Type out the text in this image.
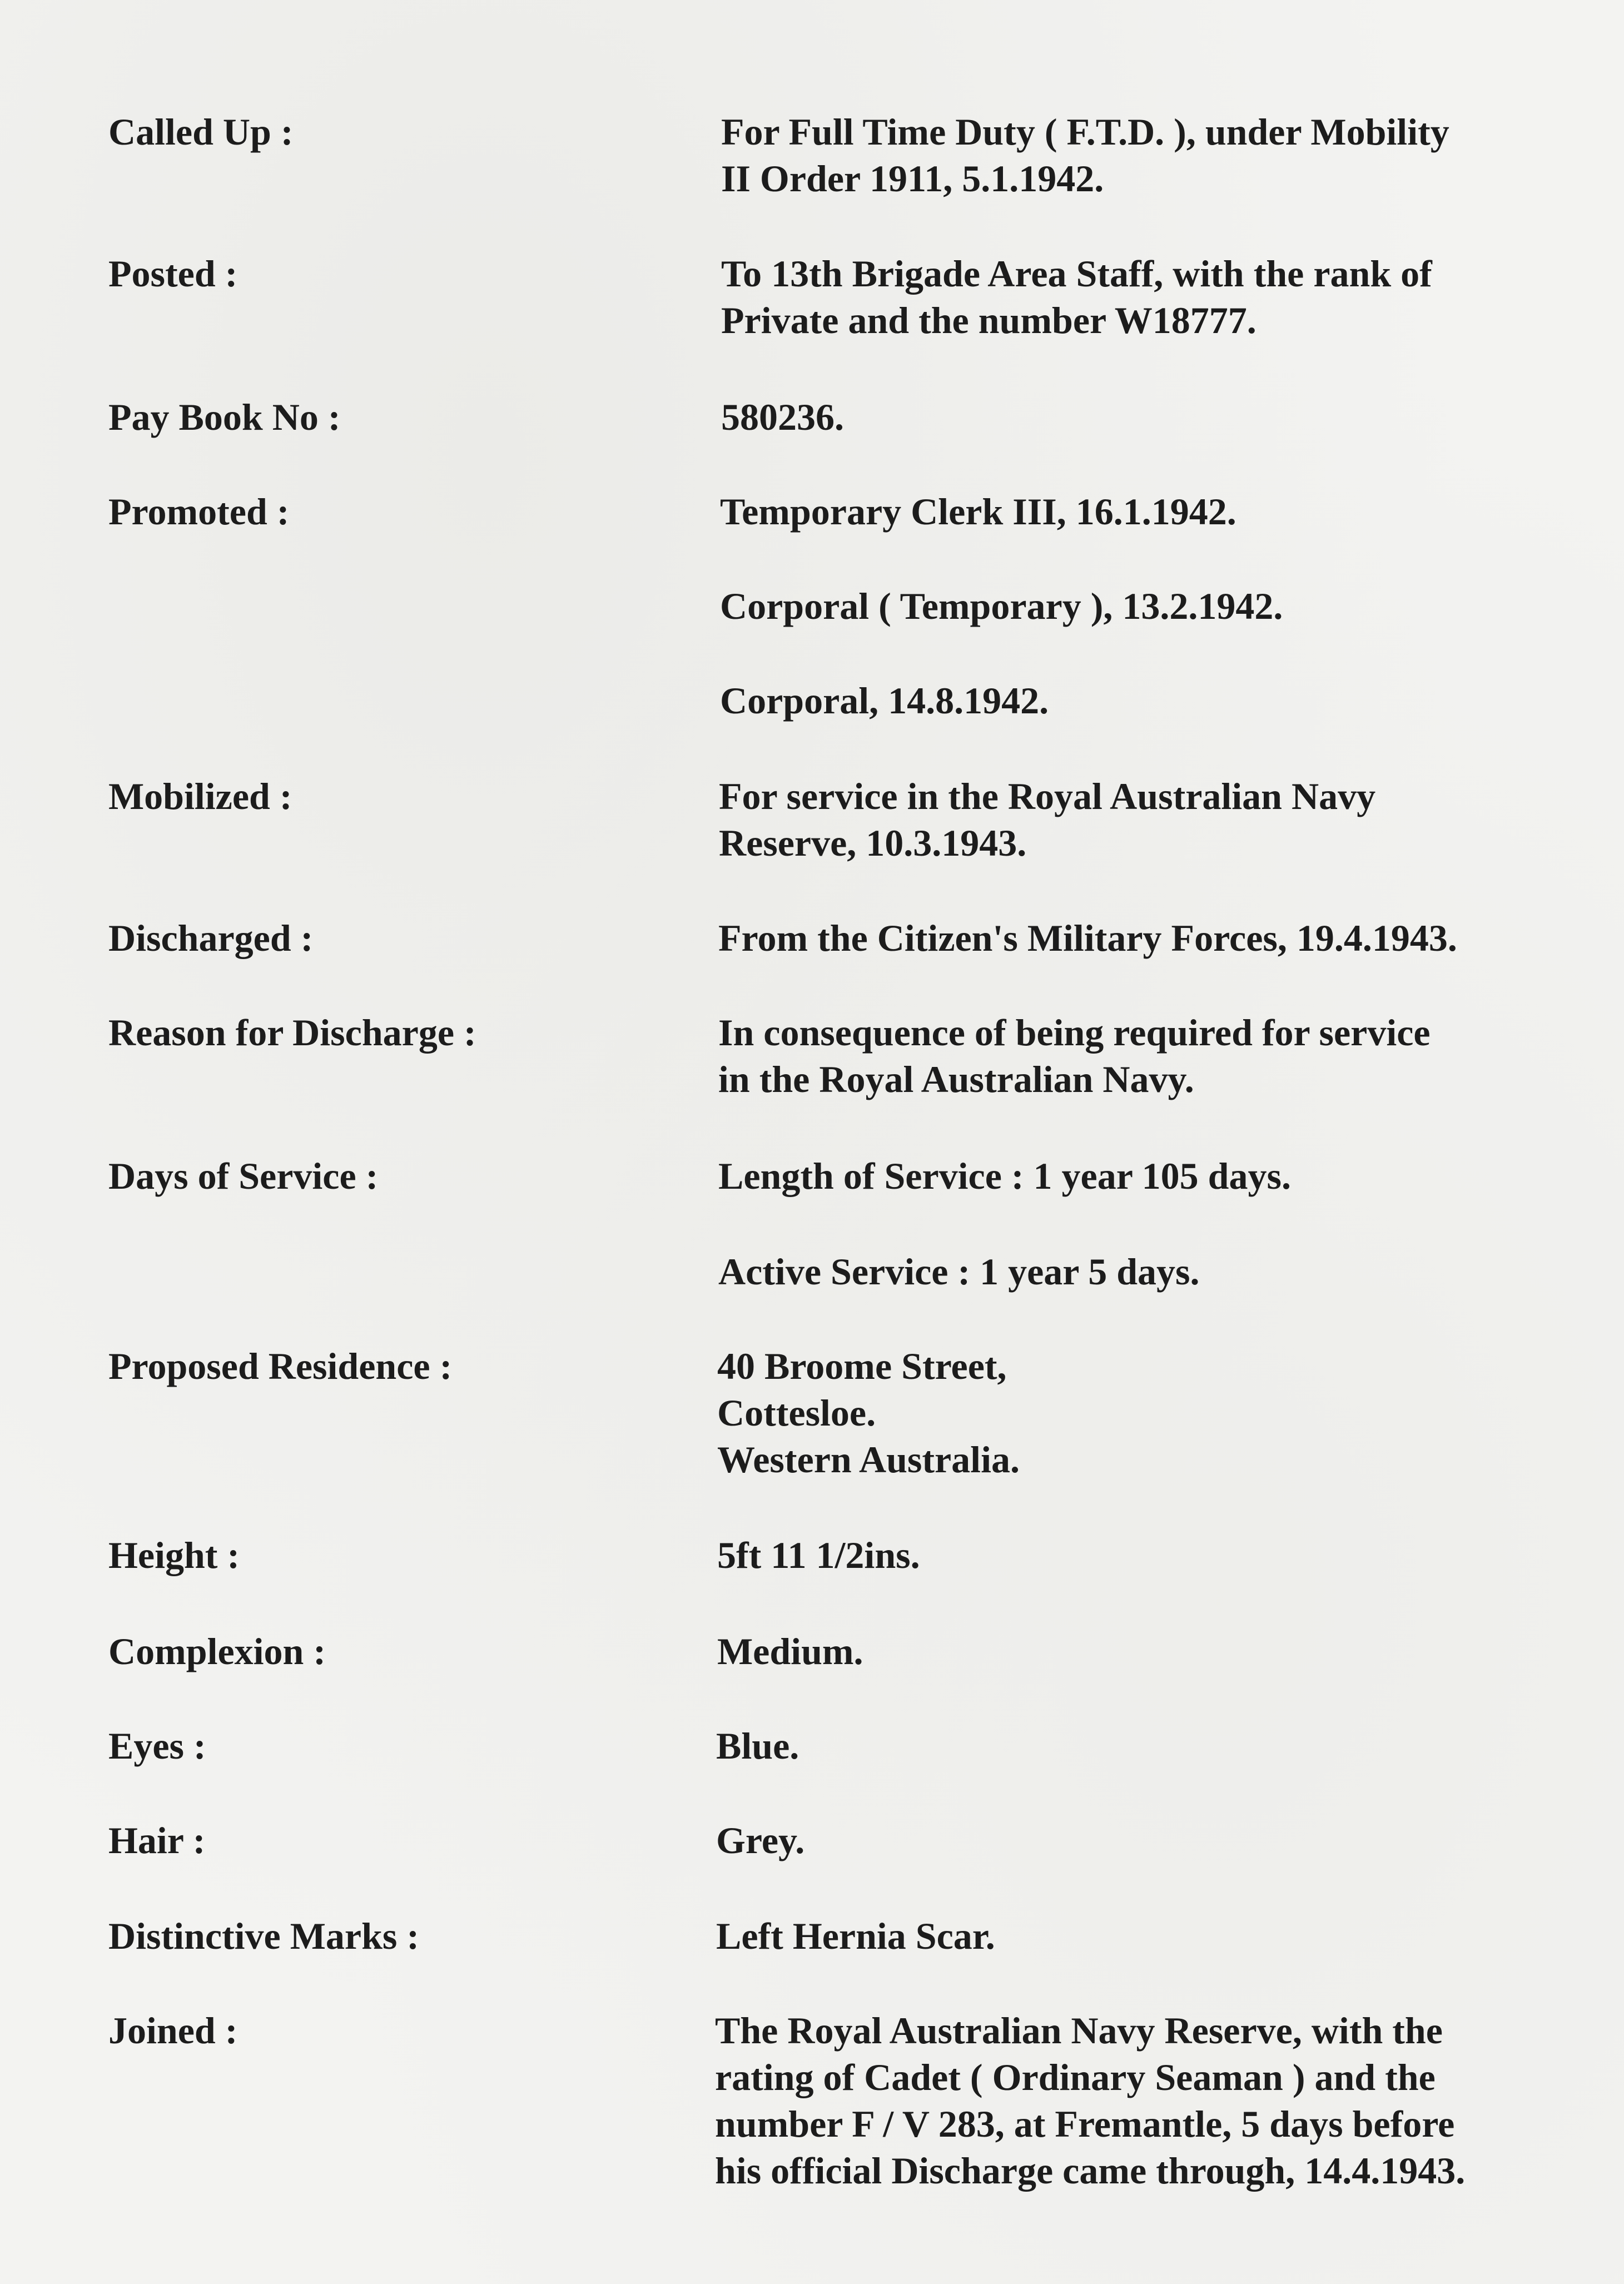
Called Up :	For Full Time Duty ( F.T.D. ), under Mobility
II Order 1911, 5.1.1942.
Posted :	To 13th Brigade Area Staff, with the rank of
Private and the number W18777.
Pay Book No :	580236.
Promoted :	Temporary Clerk III, 16.1.1942.
Corporal ( Temporary ), 13.2.1942.
Corporal, 14.8.1942.
Mobilized :	For service in the Royal Australian Navy
Reserve, 10.3.1943.
Discharged :	From the Citizen's Military Forces, 19.4.1943.
Reason for Discharge :	In consequence of being required for service
in the Royal Australian Navy.
Days of Service :	Length of Service : 1 year 105 days.
Active Service : 1 year 5 days.
Proposed Residence :	40 Broome Street,
Cottesloe.
Western Australia.
Height :	5ft 11 1/2ins.
Complexion :	Medium.
Eyes :	Blue.
Hair :	Grey.
Distinctive Marks :	Left Hernia Scar.
Joined :	The Royal Australian Navy Reserve, with the
rating of Cadet ( Ordinary Seaman ) and the
number F / V 283, at Fremantle, 5 days before
his official Discharge came through, 14.4.1943.
